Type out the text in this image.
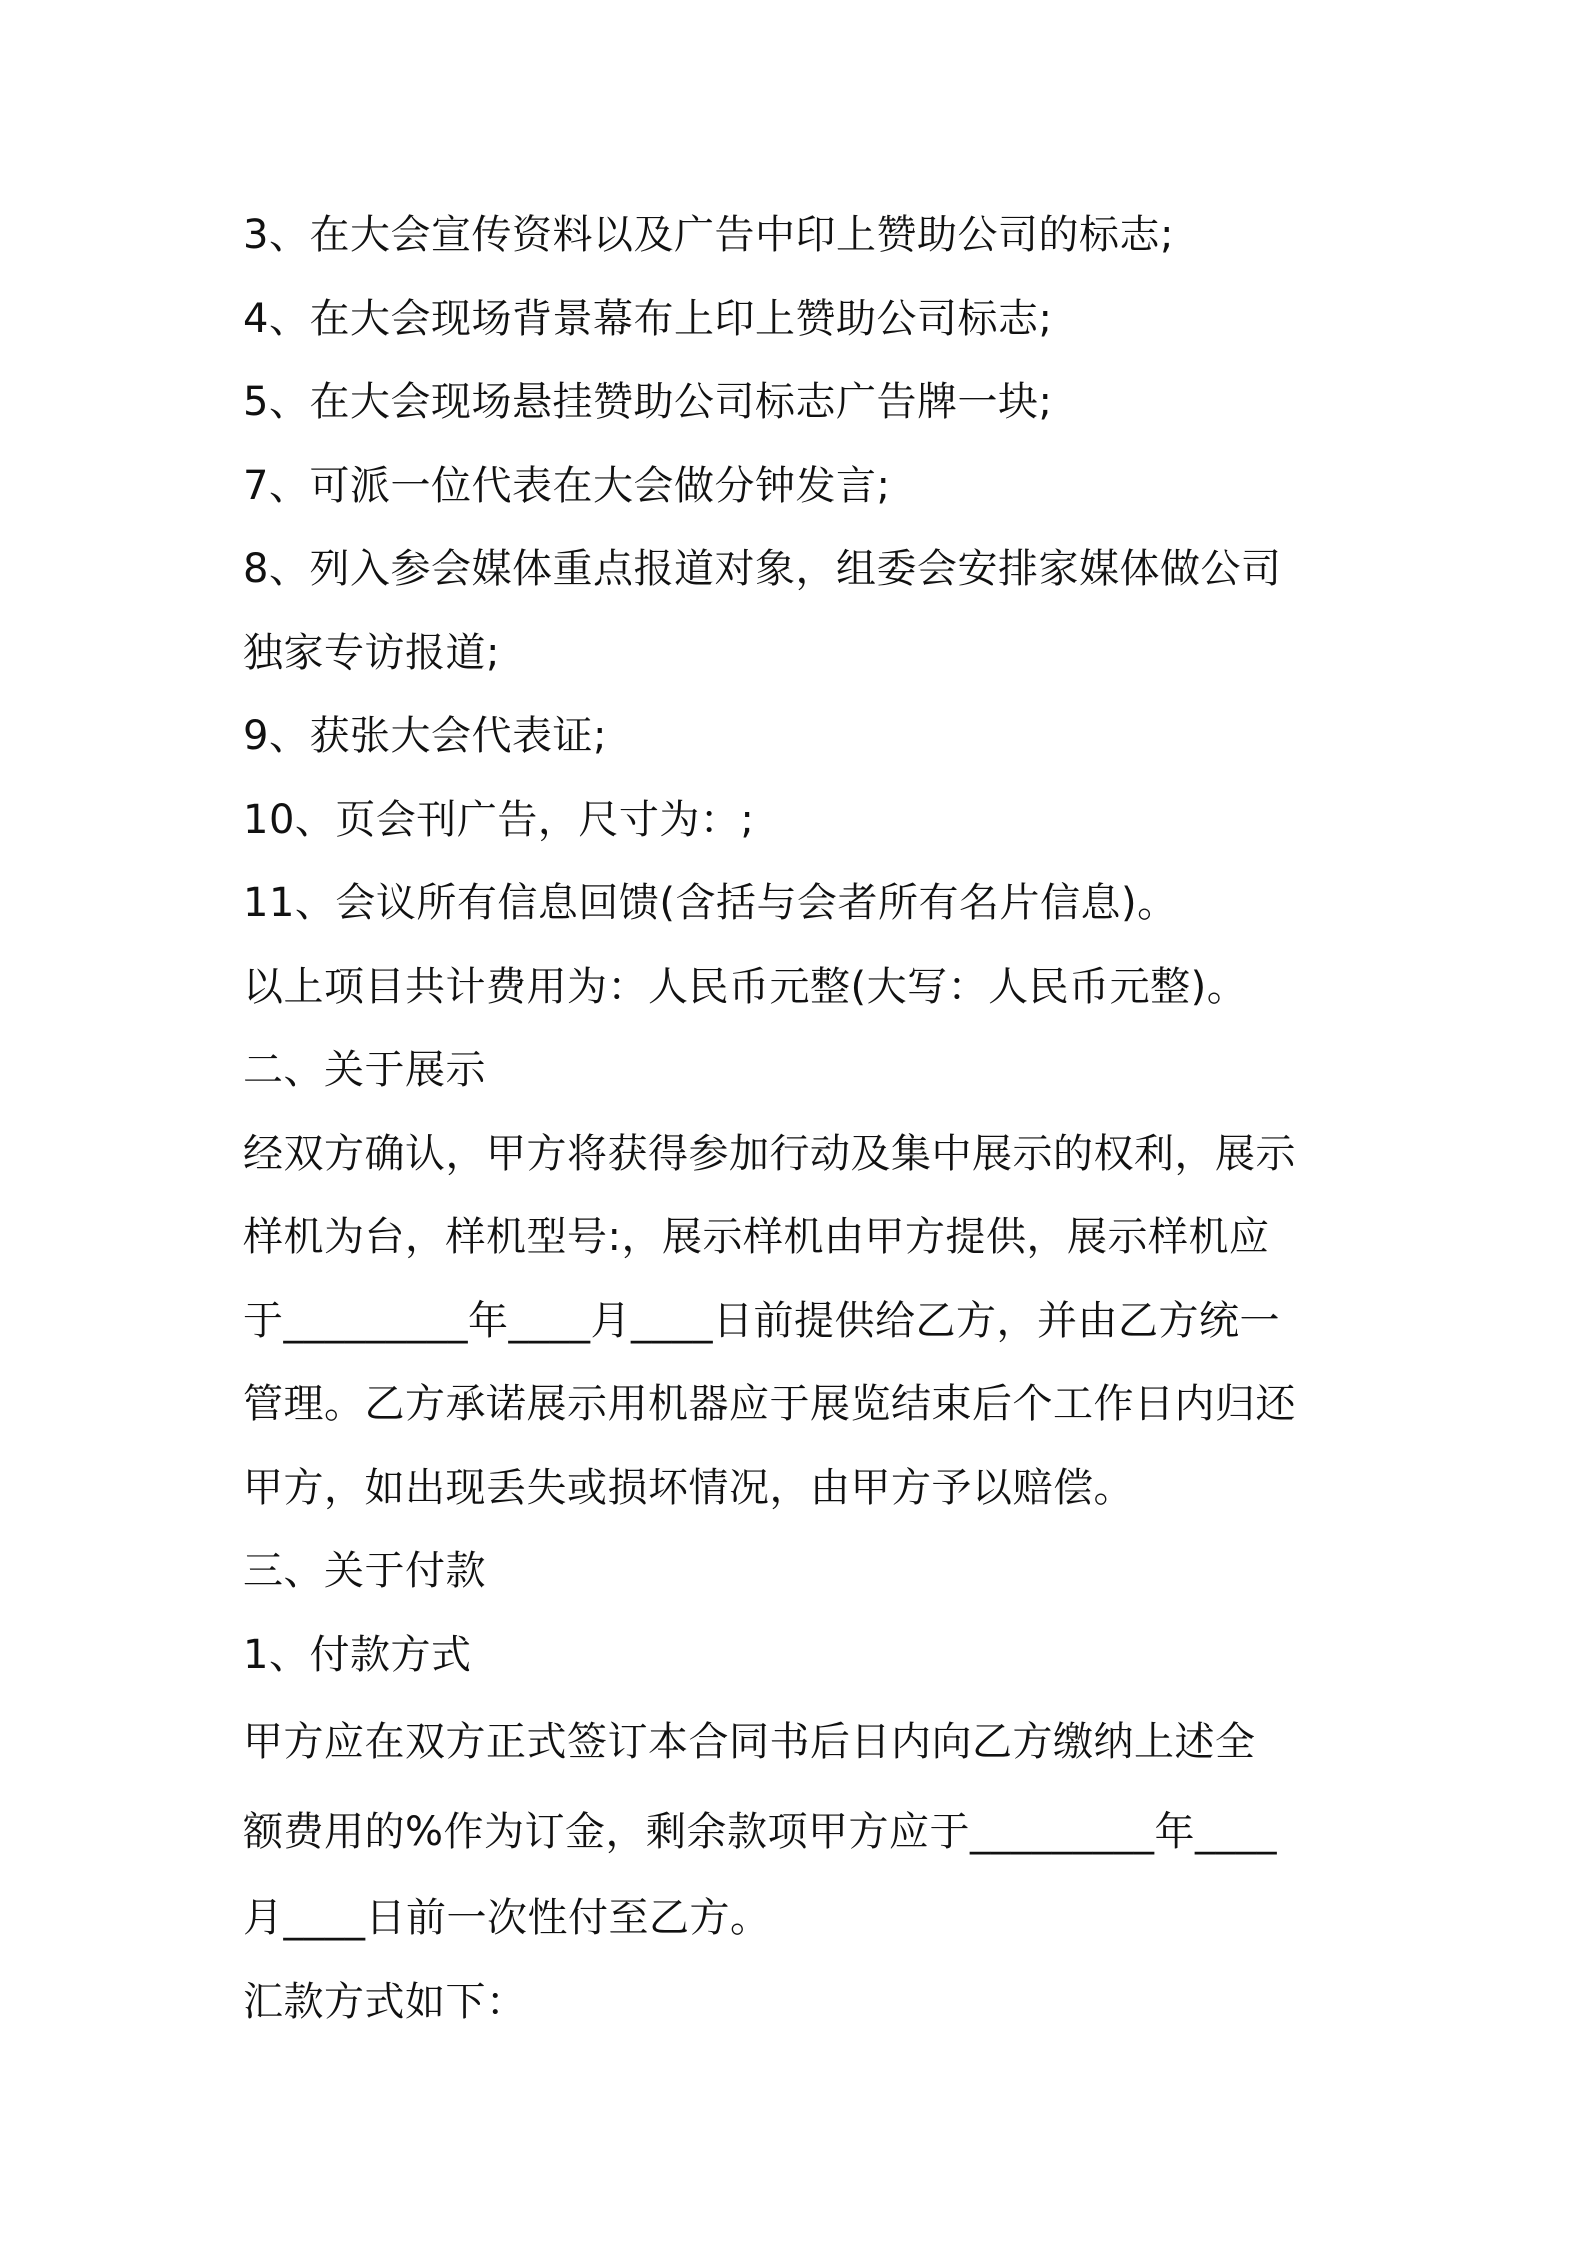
3、在大会宣传资料以及广告中印上赞助公司的标志;
4、在大会现场背景幕布上印上赞助公司标志;
5、在大会现场悬挂赞助公司标志广告牌一块;
7、可派一位代表在大会做分钟发言;
8、列入参会媒体重点报道对象，组委会安排家媒体做公司
独家专访报道;
9、获张大会代表证;
10、页会刊广告，尺寸为：;
11、会议所有信息回馈(含括与会者所有名片信息)。
以上项目共计费用为：人民币元整(大写：人民币元整)。
二、关于展示
经双方确认，甲方将获得参加行动及集中展示的权利，展示
样机为台，样机型号:，展示样机由甲方提供，展示样机应
于_________年____月____日前提供给乙方，并由乙方统一
管理。乙方承诺展示用机器应于展览结束后个工作日内归还
甲方，如出现丢失或损坏情况，由甲方予以赔偿。
三、关于付款
1、付款方式
甲方应在双方正式签订本合同书后日内向乙方缴纳上述全
额费用的%作为订金，剩余款项甲方应于_________年____
月____日前一次性付至乙方。
汇款方式如下：
